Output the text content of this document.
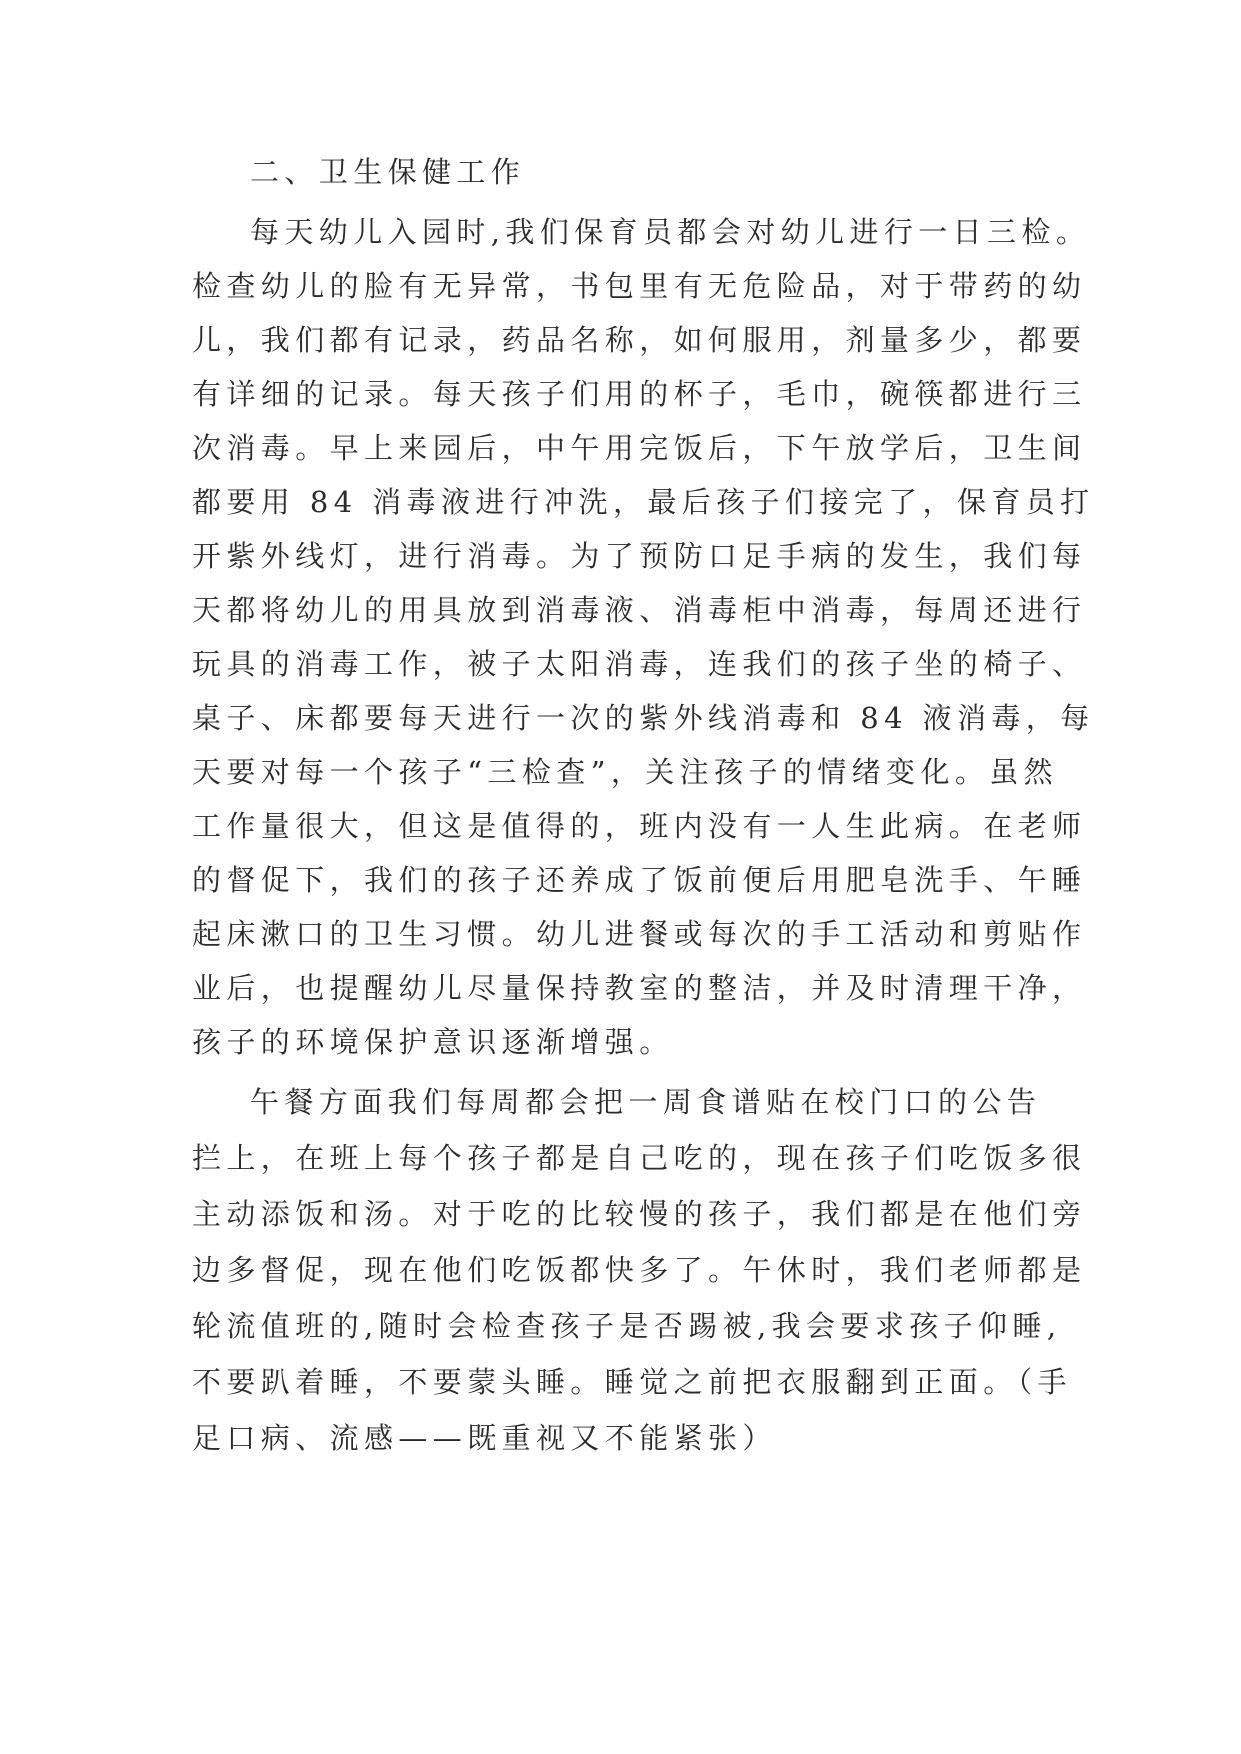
二、卫生保健工作

每天幼儿入园时,我们保育员都会对幼儿进行一日三检。

检查幼儿的脸有无异常，书包里有无危险品，对于带药的幼

儿，我们都有记录，药品名称，如何服用，剂量多少，都要

有详细的记录。每天孩子们用的杯子，毛巾，碗筷都进行三

次消毒。早上来园后，中午用完饭后，下午放学后，卫生间

都要用 84 消毒液进行冲洗，最后孩子们接完了，保育员打

开紫外线灯，进行消毒。为了预防口足手病的发生，我们每

天都将幼儿的用具放到消毒液、消毒柜中消毒，每周还进行

玩具的消毒工作，被子太阳消毒，连我们的孩子坐的椅子、

桌子、床都要每天进行一次的紫外线消毒和 84 液消毒，每

天要对每一个孩子“三检查”，关注孩子的情绪变化。虽然

工作量很大，但这是值得的，班内没有一人生此病。在老师

的督促下，我们的孩子还养成了饭前便后用肥皂洗手、午睡

起床漱口的卫生习惯。幼儿进餐或每次的手工活动和剪贴作

业后，也提醒幼儿尽量保持教室的整洁，并及时清理干净，

孩子的环境保护意识逐渐增强。

午餐方面我们每周都会把一周食谱贴在校门口的公告

拦上，在班上每个孩子都是自己吃的，现在孩子们吃饭多很

主动添饭和汤。对于吃的比较慢的孩子，我们都是在他们旁

边多督促，现在他们吃饭都快多了。午休时，我们老师都是

轮流值班的,随时会检查孩子是否踢被,我会要求孩子仰睡,

不要趴着睡，不要蒙头睡。睡觉之前把衣服翻到正面。（手

足口病、流感——既重视又不能紧张）
